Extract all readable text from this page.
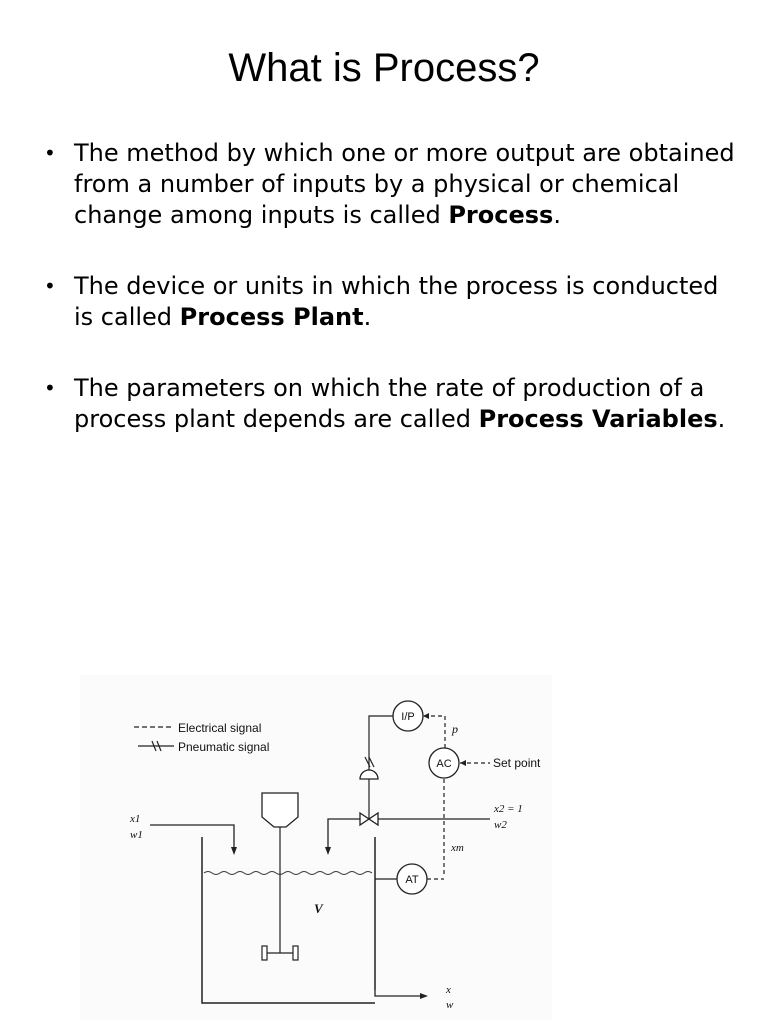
What is Process?
• The method by which one or more output are obtained from a number of inputs by a physical or chemical change among inputs is called Process.
• The device or units in which the process is conducted is called Process Plant.
• The parameters on which the rate of production of a process plant depends are called Process Variables.
Electrical signal
Pneumatic signal
I/P
p
AC	Set point
x2 = 1
w2
xm
x1
w1
V
x
w
AT
